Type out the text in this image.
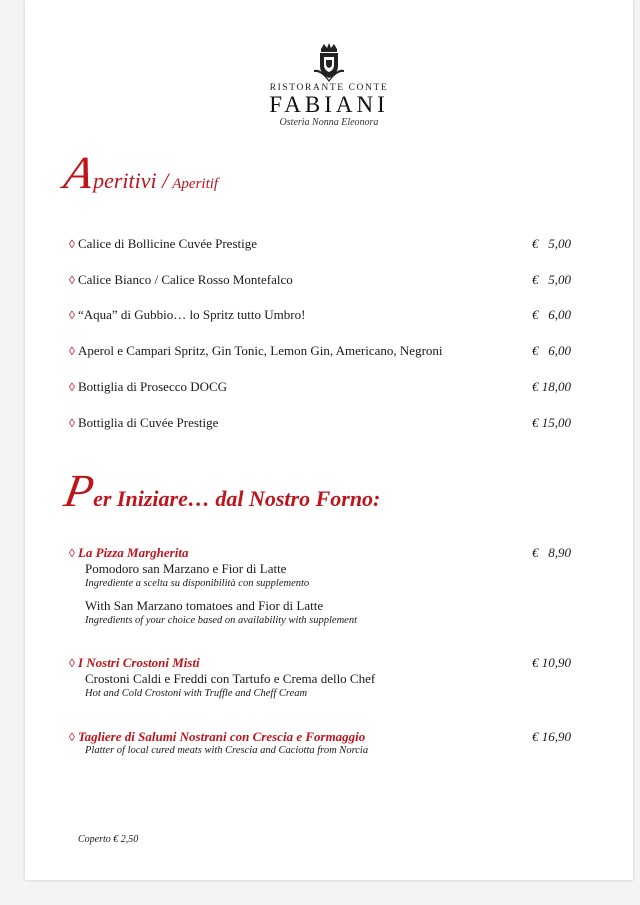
RISTORANTE CONTE
FABIANI
Osteria Nonna Eleonora
Aperitivi / Aperitif
◊ Calice di Bollicine Cuvée Prestige	€   5,00
◊ Calice Bianco / Calice Rosso Montefalco	€   5,00
◊ “Aqua” di Gubbio… lo Spritz tutto Umbro!	€   6,00
◊ Aperol e Campari Spritz, Gin Tonic, Lemon Gin, Americano, Negroni	€   6,00
◊ Bottiglia di Prosecco DOCG	€ 18,00
◊ Bottiglia di Cuvée Prestige	€ 15,00
Per Iniziare… dal Nostro Forno:
◊ La Pizza Margherita	€   8,90
Pomodoro san Marzano e Fior di Latte
Ingrediente a scelta su disponibilità con supplemento
With San Marzano tomatoes and Fior di Latte
Ingredients of your choice based on availability with supplement
◊ I Nostri Crostoni Misti	€ 10,90
Crostoni Caldi e Freddi con Tartufo e Crema dello Chef
Hot and Cold Crostoni with Truffle and Cheff Cream
◊ Tagliere di Salumi Nostrani con Crescia e Formaggio	€ 16,90
Platter of local cured meats with Crescia and Caciotta from Norcia
Coperto € 2,50
